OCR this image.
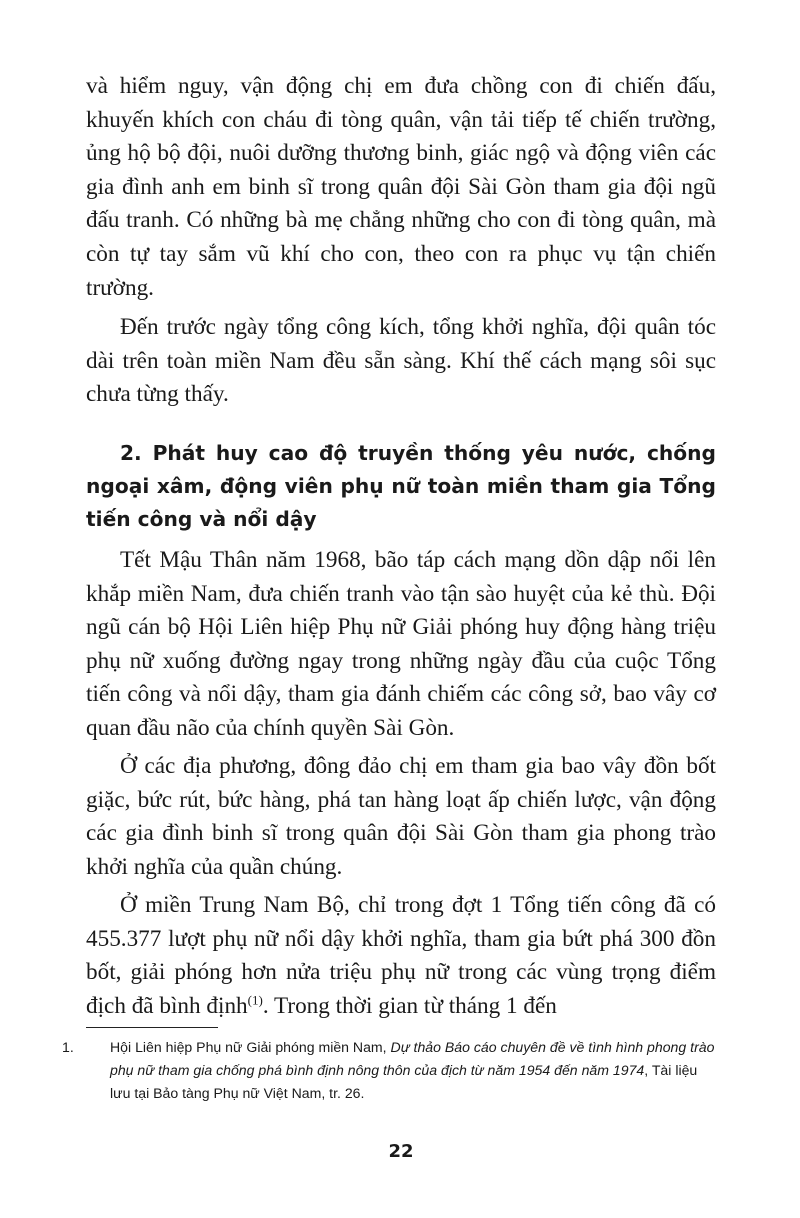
và hiểm nguy, vận động chị em đưa chồng con đi chiến đấu, khuyến khích con cháu đi tòng quân, vận tải tiếp tế chiến trường, ủng hộ bộ đội, nuôi dưỡng thương binh, giác ngộ và động viên các gia đình anh em binh sĩ trong quân đội Sài Gòn tham gia đội ngũ đấu tranh. Có những bà mẹ chẳng những cho con đi tòng quân, mà còn tự tay sắm vũ khí cho con, theo con ra phục vụ tận chiến trường.

Đến trước ngày tổng công kích, tổng khởi nghĩa, đội quân tóc dài trên toàn miền Nam đều sẵn sàng. Khí thế cách mạng sôi sục chưa từng thấy.

2. Phát huy cao độ truyền thống yêu nước, chống ngoại xâm, động viên phụ nữ toàn miền tham gia Tổng tiến công và nổi dậy

Tết Mậu Thân năm 1968, bão táp cách mạng dồn dập nổi lên khắp miền Nam, đưa chiến tranh vào tận sào huyệt của kẻ thù. Đội ngũ cán bộ Hội Liên hiệp Phụ nữ Giải phóng huy động hàng triệu phụ nữ xuống đường ngay trong những ngày đầu của cuộc Tổng tiến công và nổi dậy, tham gia đánh chiếm các công sở, bao vây cơ quan đầu não của chính quyền Sài Gòn.

Ở các địa phương, đông đảo chị em tham gia bao vây đồn bốt giặc, bức rút, bức hàng, phá tan hàng loạt ấp chiến lược, vận động các gia đình binh sĩ trong quân đội Sài Gòn tham gia phong trào khởi nghĩa của quần chúng.

Ở miền Trung Nam Bộ, chỉ trong đợt 1 Tổng tiến công đã có 455.377 lượt phụ nữ nổi dậy khởi nghĩa, tham gia bứt phá 300 đồn bốt, giải phóng hơn nửa triệu phụ nữ trong các vùng trọng điểm địch đã bình định$^{(1)}$. Trong thời gian từ tháng 1 đến

1.	Hội Liên hiệp Phụ nữ Giải phóng miền Nam, Dự thảo Báo cáo chuyên đề về tình hình phong trào phụ nữ tham gia chống phá bình định nông thôn của địch từ năm 1954 đến năm 1974, Tài liệu lưu tại Bảo tàng Phụ nữ Việt Nam, tr. 26.

22
